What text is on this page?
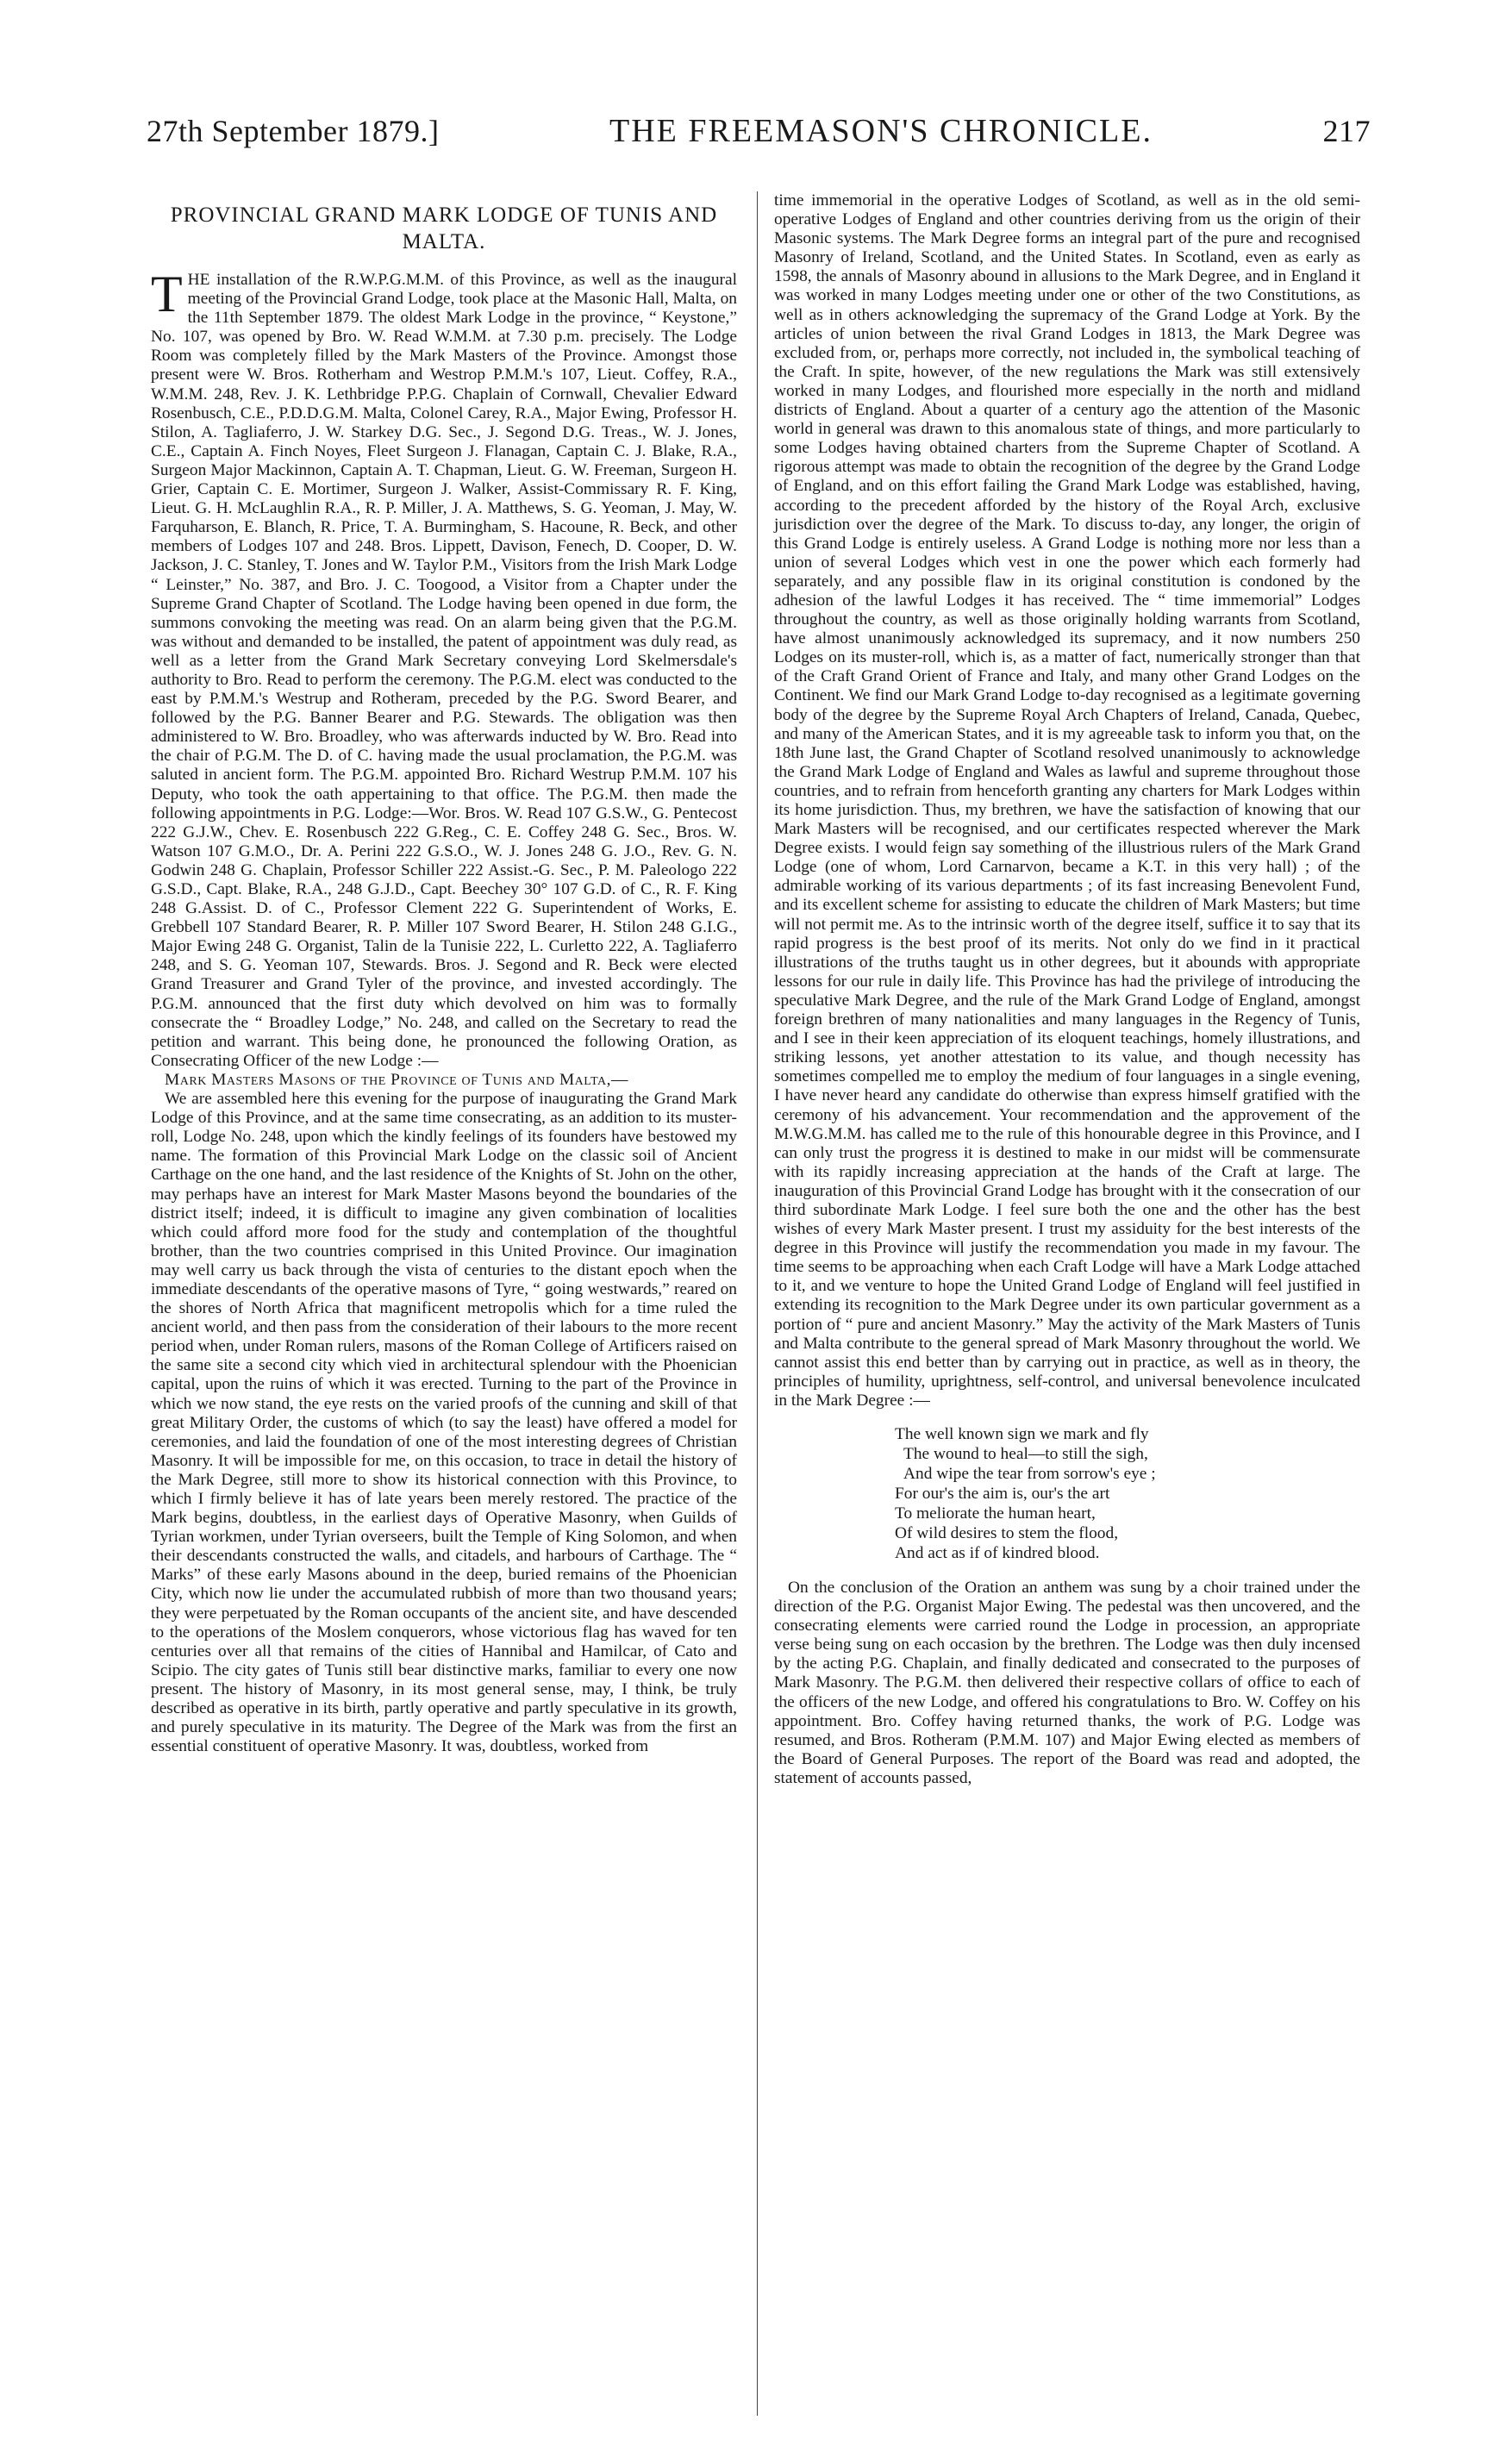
27th September 1879.]	THE FREEMASON'S CHRONICLE.	217
PROVINCIAL GRAND MARK LODGE OF TUNIS AND MALTA.

THE installation of the R.W.P.G.M.M. of this Province, as well as the inaugural meeting of the Provincial Grand Lodge, took place at the Masonic Hall, Malta, on the 11th September 1879. The oldest Mark Lodge in the province, “ Keystone,” No. 107, was opened by Bro. W. Read W.M.M. at 7.30 p.m. precisely. The Lodge Room was completely filled by the Mark Masters of the Province. Amongst those present were W. Bros. Rotherham and Westrop P.M.M.'s 107, Lieut. Coffey, R.A., W.M.M. 248, Rev. J. K. Lethbridge P.P.G. Chaplain of Cornwall, Chevalier Edward Rosenbusch, C.E., P.D.D.G.M. Malta, Colonel Carey, R.A., Major Ewing, Professor H. Stilon, A. Tagliaferro, J. W. Starkey D.G. Sec., J. Segond D.G. Treas., W. J. Jones, C.E., Captain A. Finch Noyes, Fleet Surgeon J. Flanagan, Captain C. J. Blake, R.A., Surgeon Major Mackinnon, Captain A. T. Chapman, Lieut. G. W. Freeman, Surgeon H. Grier, Captain C. E. Mortimer, Surgeon J. Walker, Assist-Commissary R. F. King, Lieut. G. H. McLaughlin R.A., R. P. Miller, J. A. Matthews, S. G. Yeoman, J. May, W. Farquharson, E. Blanch, R. Price, T. A. Burmingham, S. Hacoune, R. Beck, and other members of Lodges 107 and 248. Bros. Lippett, Davison, Fenech, D. Cooper, D. W. Jackson, J. C. Stanley, T. Jones and W. Taylor P.M., Visitors from the Irish Mark Lodge “ Leinster,” No. 387, and Bro. J. C. Toogood, a Visitor from a Chapter under the Supreme Grand Chapter of Scotland. The Lodge having been opened in due form, the summons convoking the meeting was read. On an alarm being given that the P.G.M. was without and demanded to be installed, the patent of appointment was duly read, as well as a letter from the Grand Mark Secretary conveying Lord Skelmersdale's authority to Bro. Read to perform the ceremony. The P.G.M. elect was conducted to the east by P.M.M.'s Westrup and Rotheram, preceded by the P.G. Sword Bearer, and followed by the P.G. Banner Bearer and P.G. Stewards. The obligation was then administered to W. Bro. Broadley, who was afterwards inducted by W. Bro. Read into the chair of P.G.M. The D. of C. having made the usual proclamation, the P.G.M. was saluted in ancient form. The P.G.M. appointed Bro. Richard Westrup P.M.M. 107 his Deputy, who took the oath appertaining to that office. The P.G.M. then made the following appointments in P.G. Lodge:—Wor. Bros. W. Read 107 G.S.W., G. Pentecost 222 G.J.W., Chev. E. Rosenbusch 222 G.Reg., C. E. Coffey 248 G. Sec., Bros. W. Watson 107 G.M.O., Dr. A. Perini 222 G.S.O., W. J. Jones 248 G. J.O., Rev. G. N. Godwin 248 G. Chaplain, Professor Schiller 222 Assist.-G. Sec., P. M. Paleologo 222 G.S.D., Capt. Blake, R.A., 248 G.J.D., Capt. Beechey 30° 107 G.D. of C., R. F. King 248 G.Assist. D. of C., Professor Clement 222 G. Superintendent of Works, E. Grebbell 107 Standard Bearer, R. P. Miller 107 Sword Bearer, H. Stilon 248 G.I.G., Major Ewing 248 G. Organist, Talin de la Tunisie 222, L. Curletto 222, A. Tagliaferro 248, and S. G. Yeoman 107, Stewards. Bros. J. Segond and R. Beck were elected Grand Treasurer and Grand Tyler of the province, and invested accordingly. The P.G.M. announced that the first duty which devolved on him was to formally consecrate the “ Broadley Lodge,” No. 248, and called on the Secretary to read the petition and warrant. This being done, he pronounced the following Oration, as Consecrating Officer of the new Lodge :—

Mark Masters Masons of the Province of Tunis and Malta,—

We are assembled here this evening for the purpose of inaugurating the Grand Mark Lodge of this Province, and at the same time consecrating, as an addition to its muster-roll, Lodge No. 248, upon which the kindly feelings of its founders have bestowed my name. The formation of this Provincial Mark Lodge on the classic soil of Ancient Carthage on the one hand, and the last residence of the Knights of St. John on the other, may perhaps have an interest for Mark Master Masons beyond the boundaries of the district itself; indeed, it is difficult to imagine any given combination of localities which could afford more food for the study and contemplation of the thoughtful brother, than the two countries comprised in this United Province. Our imagination may well carry us back through the vista of centuries to the distant epoch when the immediate descendants of the operative masons of Tyre, “ going westwards,” reared on the shores of North Africa that magnificent metropolis which for a time ruled the ancient world, and then pass from the consideration of their labours to the more recent period when, under Roman rulers, masons of the Roman College of Artificers raised on the same site a second city which vied in architectural splendour with the Phoenician capital, upon the ruins of which it was erected. Turning to the part of the Province in which we now stand, the eye rests on the varied proofs of the cunning and skill of that great Military Order, the customs of which (to say the least) have offered a model for ceremonies, and laid the foundation of one of the most interesting degrees of Christian Masonry. It will be impossible for me, on this occasion, to trace in detail the history of the Mark Degree, still more to show its historical connection with this Province, to which I firmly believe it has of late years been merely restored. The practice of the Mark begins, doubtless, in the earliest days of Operative Masonry, when Guilds of Tyrian workmen, under Tyrian overseers, built the Temple of King Solomon, and when their descendants constructed the walls, and citadels, and harbours of Carthage. The “ Marks” of these early Masons abound in the deep, buried remains of the Phoenician City, which now lie under the accumulated rubbish of more than two thousand years; they were perpetuated by the Roman occupants of the ancient site, and have descended to the operations of the Moslem conquerors, whose victorious flag has waved for ten centuries over all that remains of the cities of Hannibal and Hamilcar, of Cato and Scipio. The city gates of Tunis still bear distinctive marks, familiar to every one now present. The history of Masonry, in its most general sense, may, I think, be truly described as operative in its birth, partly operative and partly speculative in its growth, and purely speculative in its maturity. The Degree of the Mark was from the first an essential constituent of operative Masonry. It was, doubtless, worked from

time immemorial in the operative Lodges of Scotland, as well as in the old semi-operative Lodges of England and other countries deriving from us the origin of their Masonic systems. The Mark Degree forms an integral part of the pure and recognised Masonry of Ireland, Scotland, and the United States. In Scotland, even as early as 1598, the annals of Masonry abound in allusions to the Mark Degree, and in England it was worked in many Lodges meeting under one or other of the two Constitutions, as well as in others acknowledging the supremacy of the Grand Lodge at York. By the articles of union between the rival Grand Lodges in 1813, the Mark Degree was excluded from, or, perhaps more correctly, not included in, the symbolical teaching of the Craft. In spite, however, of the new regulations the Mark was still extensively worked in many Lodges, and flourished more especially in the north and midland districts of England. About a quarter of a century ago the attention of the Masonic world in general was drawn to this anomalous state of things, and more particularly to some Lodges having obtained charters from the Supreme Chapter of Scotland. A rigorous attempt was made to obtain the recognition of the degree by the Grand Lodge of England, and on this effort failing the Grand Mark Lodge was established, having, according to the precedent afforded by the history of the Royal Arch, exclusive jurisdiction over the degree of the Mark. To discuss to-day, any longer, the origin of this Grand Lodge is entirely useless. A Grand Lodge is nothing more nor less than a union of several Lodges which vest in one the power which each formerly had separately, and any possible flaw in its original constitution is condoned by the adhesion of the lawful Lodges it has received. The “ time immemorial” Lodges throughout the country, as well as those originally holding warrants from Scotland, have almost unanimously acknowledged its supremacy, and it now numbers 250 Lodges on its muster-roll, which is, as a matter of fact, numerically stronger than that of the Craft Grand Orient of France and Italy, and many other Grand Lodges on the Continent. We find our Mark Grand Lodge to-day recognised as a legitimate governing body of the degree by the Supreme Royal Arch Chapters of Ireland, Canada, Quebec, and many of the American States, and it is my agreeable task to inform you that, on the 18th June last, the Grand Chapter of Scotland resolved unanimously to acknowledge the Grand Mark Lodge of England and Wales as lawful and supreme throughout those countries, and to refrain from henceforth granting any charters for Mark Lodges within its home jurisdiction. Thus, my brethren, we have the satisfaction of knowing that our Mark Masters will be recognised, and our certificates respected wherever the Mark Degree exists. I would feign say something of the illustrious rulers of the Mark Grand Lodge (one of whom, Lord Carnarvon, became a K.T. in this very hall) ; of the admirable working of its various departments ; of its fast increasing Benevolent Fund, and its excellent scheme for assisting to educate the children of Mark Masters; but time will not permit me. As to the intrinsic worth of the degree itself, suffice it to say that its rapid progress is the best proof of its merits. Not only do we find in it practical illustrations of the truths taught us in other degrees, but it abounds with appropriate lessons for our rule in daily life. This Province has had the privilege of introducing the speculative Mark Degree, and the rule of the Mark Grand Lodge of England, amongst foreign brethren of many nationalities and many languages in the Regency of Tunis, and I see in their keen appreciation of its eloquent teachings, homely illustrations, and striking lessons, yet another attestation to its value, and though necessity has sometimes compelled me to employ the medium of four languages in a single evening, I have never heard any candidate do otherwise than express himself gratified with the ceremony of his advancement. Your recommendation and the approvement of the M.W.G.M.M. has called me to the rule of this honourable degree in this Province, and I can only trust the progress it is destined to make in our midst will be commensurate with its rapidly increasing appreciation at the hands of the Craft at large. The inauguration of this Provincial Grand Lodge has brought with it the consecration of our third subordinate Mark Lodge. I feel sure both the one and the other has the best wishes of every Mark Master present. I trust my assiduity for the best interests of the degree in this Province will justify the recommendation you made in my favour. The time seems to be approaching when each Craft Lodge will have a Mark Lodge attached to it, and we venture to hope the United Grand Lodge of England will feel justified in extending its recognition to the Mark Degree under its own particular government as a portion of “ pure and ancient Masonry.” May the activity of the Mark Masters of Tunis and Malta contribute to the general spread of Mark Masonry throughout the world. We cannot assist this end better than by carrying out in practice, as well as in theory, the principles of humility, uprightness, self-control, and universal benevolence inculcated in the Mark Degree :—

The well known sign we mark and fly
The wound to heal—to still the sigh,
And wipe the tear from sorrow's eye ;
For our's the aim is, our's the art
To meliorate the human heart,
Of wild desires to stem the flood,
And act as if of kindred blood.

On the conclusion of the Oration an anthem was sung by a choir trained under the direction of the P.G. Organist Major Ewing. The pedestal was then uncovered, and the consecrating elements were carried round the Lodge in procession, an appropriate verse being sung on each occasion by the brethren. The Lodge was then duly incensed by the acting P.G. Chaplain, and finally dedicated and consecrated to the purposes of Mark Masonry. The P.G.M. then delivered their respective collars of office to each of the officers of the new Lodge, and offered his congratulations to Bro. W. Coffey on his appointment. Bro. Coffey having returned thanks, the work of P.G. Lodge was resumed, and Bros. Rotheram (P.M.M. 107) and Major Ewing elected as members of the Board of General Purposes. The report of the Board was read and adopted, the statement of accounts passed,
